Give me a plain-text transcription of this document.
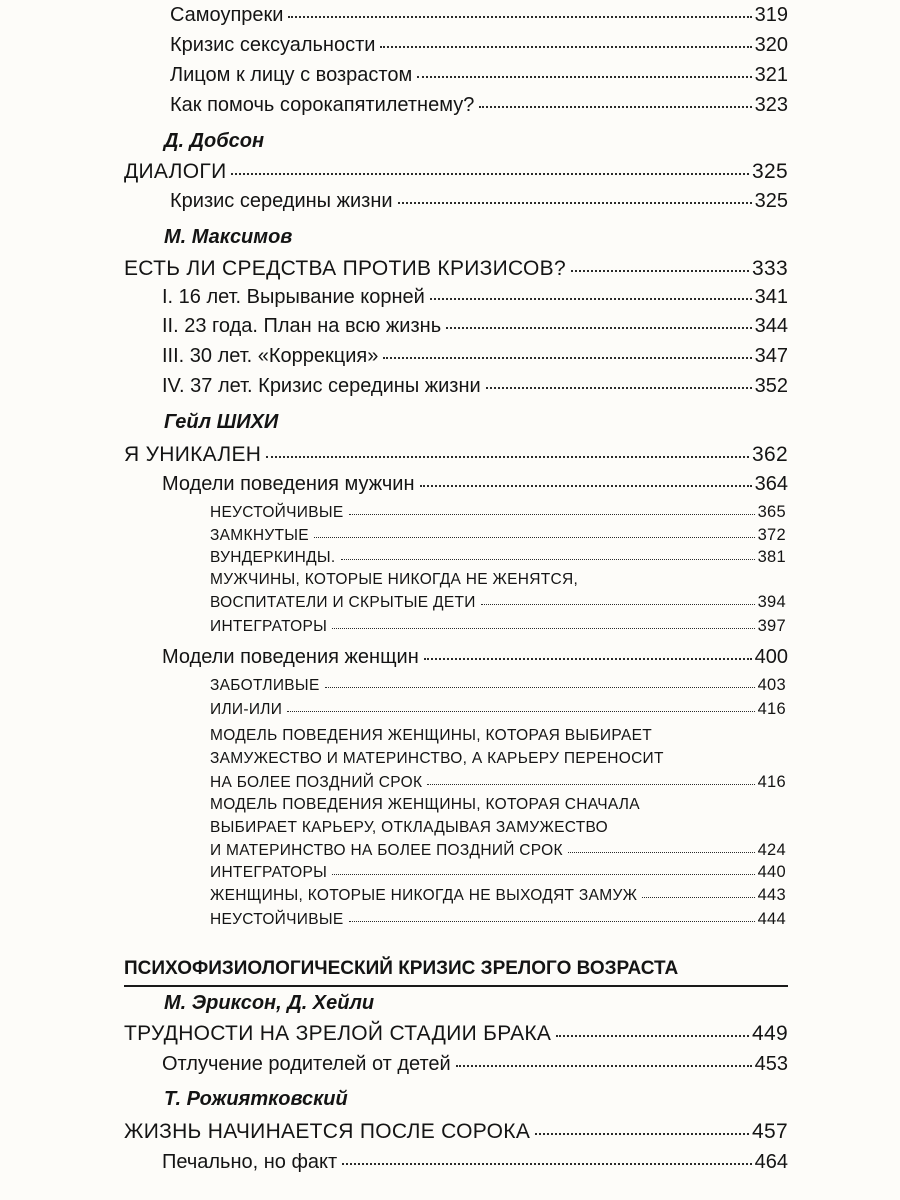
Самоупреки	319
Кризис сексуальности	320
Лицом к лицу с возрастом	321
Как помочь сорокапятилетнему?	323
Д. Добсон
ДИАЛОГИ	325
Кризис середины жизни	325
М. Максимов
ЕСТЬ ЛИ СРЕДСТВА ПРОТИВ КРИЗИСОВ?	333
I. 16 лет. Вырывание корней	341
II. 23 года. План на всю жизнь	344
III. 30 лет. «Коррекция»	347
IV. 37 лет. Кризис середины жизни	352
Гейл ШИХИ
Я УНИКАЛЕН	362
Модели поведения мужчин	364
НЕУСТОЙЧИВЫЕ	365
ЗАМКНУТЫЕ	372
ВУНДЕРКИНДЫ.	381
МУЖЧИНЫ, КОТОРЫЕ НИКОГДА НЕ ЖЕНЯТСЯ,
ВОСПИТАТЕЛИ И СКРЫТЫЕ ДЕТИ	394
ИНТЕГРАТОРЫ	397
Модели поведения женщин	400
ЗАБОТЛИВЫЕ	403
ИЛИ-ИЛИ	416
МОДЕЛЬ ПОВЕДЕНИЯ ЖЕНЩИНЫ, КОТОРАЯ ВЫБИРАЕТ
ЗАМУЖЕСТВО И МАТЕРИНСТВО, А КАРЬЕРУ ПЕРЕНОСИТ
НА БОЛЕЕ ПОЗДНИЙ СРОК	416
МОДЕЛЬ ПОВЕДЕНИЯ ЖЕНЩИНЫ, КОТОРАЯ СНАЧАЛА
ВЫБИРАЕТ КАРЬЕРУ, ОТКЛАДЫВАЯ ЗАМУЖЕСТВО
И МАТЕРИНСТВО НА БОЛЕЕ ПОЗДНИЙ СРОК	424
ИНТЕГРАТОРЫ	440
ЖЕНЩИНЫ, КОТОРЫЕ НИКОГДА НЕ ВЫХОДЯТ ЗАМУЖ	443
НЕУСТОЙЧИВЫЕ	444
ПСИХОФИЗИОЛОГИЧЕСКИЙ КРИЗИС ЗРЕЛОГО ВОЗРАСТА
М. Эриксон, Д. Хейли
ТРУДНОСТИ НА ЗРЕЛОЙ СТАДИИ БРАКА	449
Отлучение родителей от детей	453
Т. Рожиятковский
ЖИЗНЬ НАЧИНАЕТСЯ ПОСЛЕ СОРОКА	457
Печально, но факт	464
